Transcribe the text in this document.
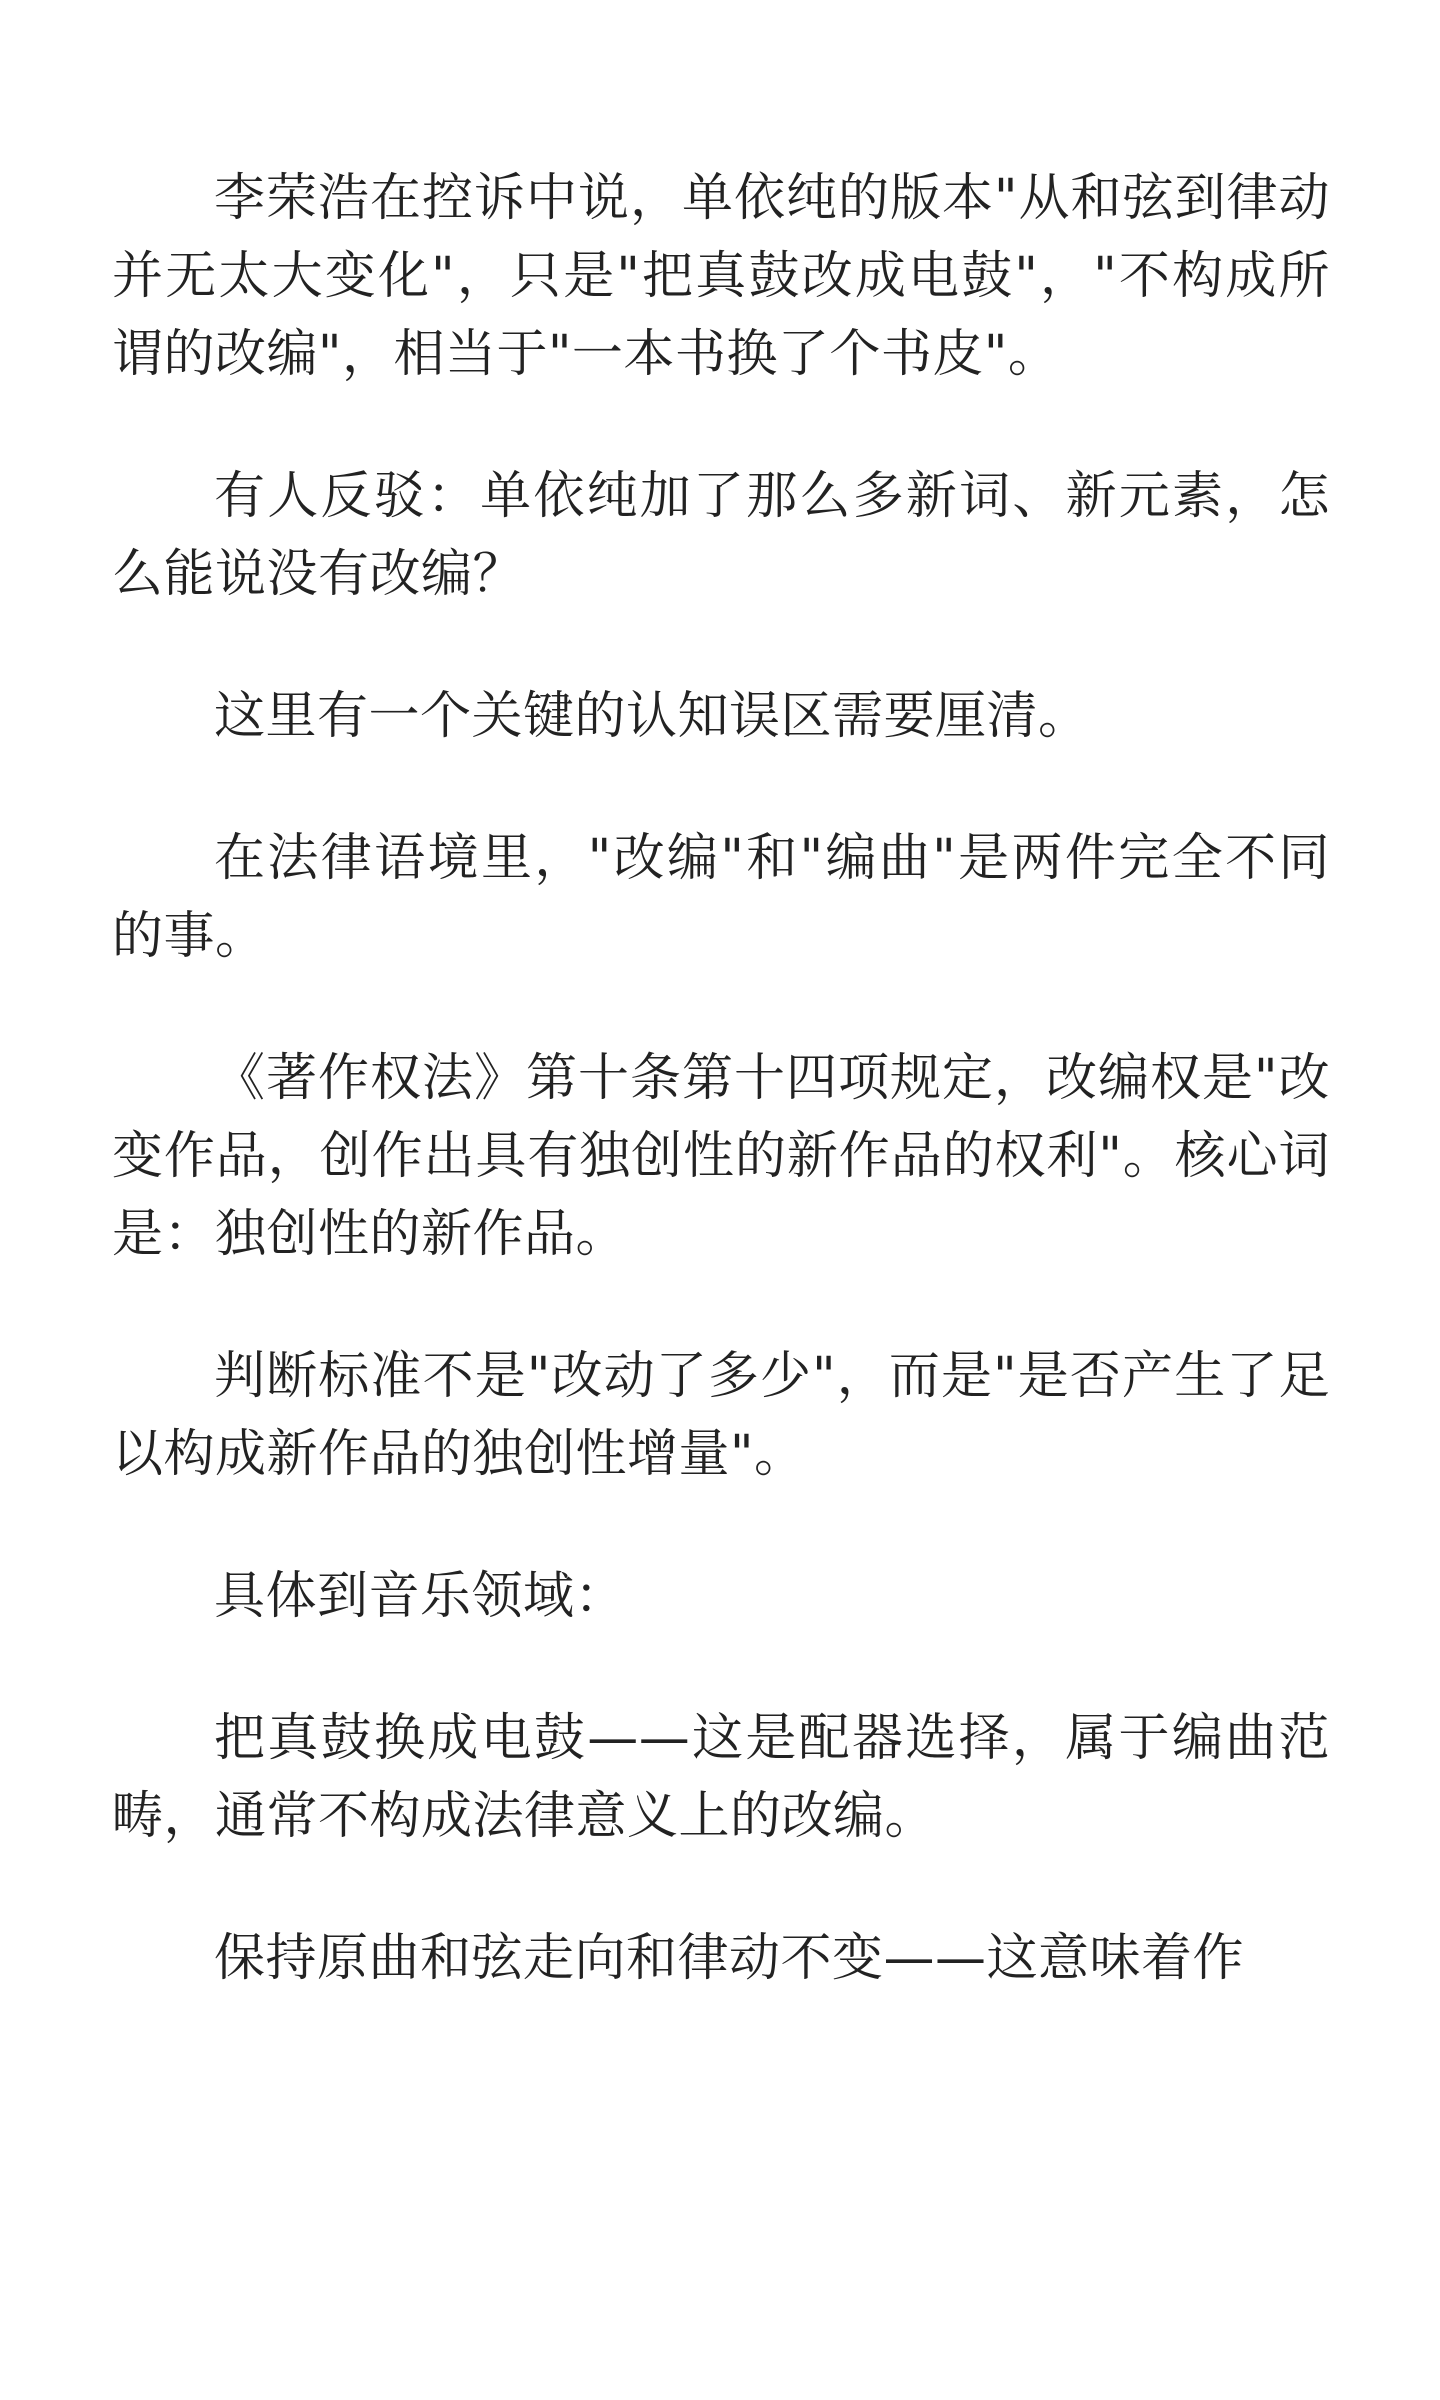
李荣浩在控诉中说，单依纯的版本"从和弦到律动并无太大变化"，只是"把真鼓改成电鼓"，"不构成所谓的改编"，相当于"一本书换了个书皮"。

有人反驳：单依纯加了那么多新词、新元素，怎么能说没有改编？

这里有一个关键的认知误区需要厘清。

在法律语境里，"改编"和"编曲"是两件完全不同的事。

《著作权法》第十条第十四项规定，改编权是"改变作品，创作出具有独创性的新作品的权利"。核心词是：独创性的新作品。

判断标准不是"改动了多少"，而是"是否产生了足以构成新作品的独创性增量"。

具体到音乐领域：

把真鼓换成电鼓——这是配器选择，属于编曲范畴，通常不构成法律意义上的改编。

保持原曲和弦走向和律动不变——这意味着作
